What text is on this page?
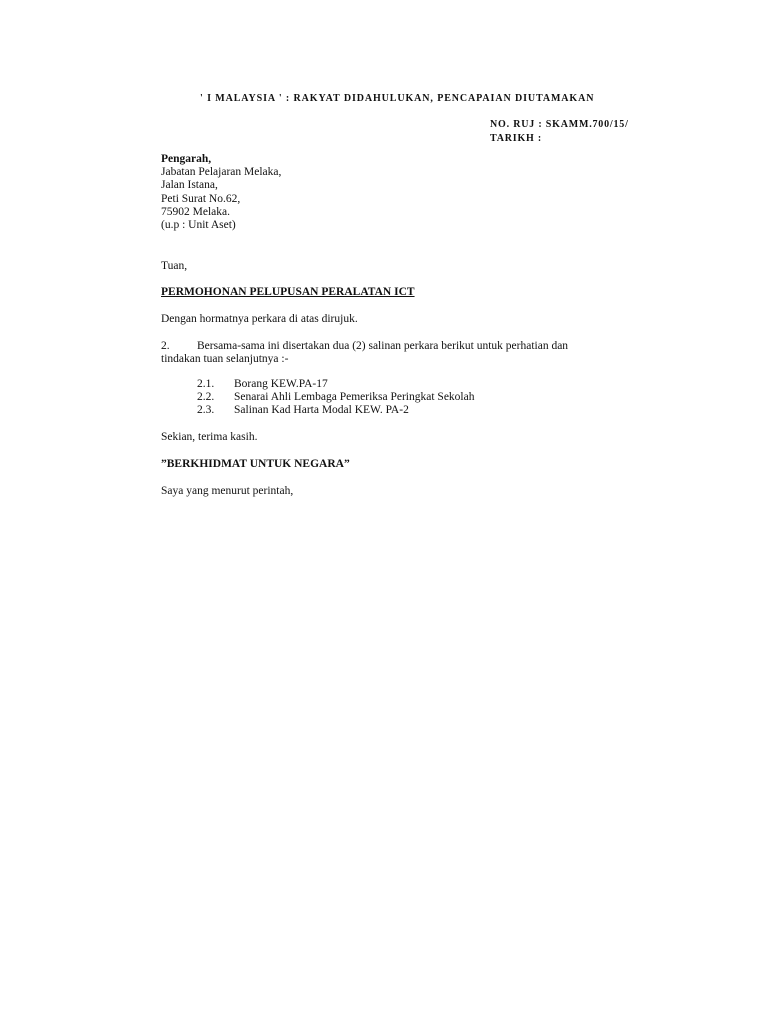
' I MALAYSIA ' : RAKYAT DIDAHULUKAN, PENCAPAIAN DIUTAMAKAN
NO. RUJ : SKAMM.700/15/
TARIKH :
Pengarah,
Jabatan Pelajaran Melaka,
Jalan Istana,
Peti Surat No.62,
75902 Melaka.
(u.p : Unit Aset)
Tuan,
PERMOHONAN PELUPUSAN PERALATAN ICT
Dengan hormatnya perkara di atas dirujuk.
2. Bersama-sama ini disertakan dua (2) salinan perkara berikut untuk perhatian dan
tindakan tuan selanjutnya :-
2.1. Borang KEW.PA-17
2.2. Senarai Ahli Lembaga Pemeriksa Peringkat Sekolah
2.3. Salinan Kad Harta Modal KEW. PA-2
Sekian, terima kasih.
”BERKHIDMAT UNTUK NEGARA”
Saya yang menurut perintah,
